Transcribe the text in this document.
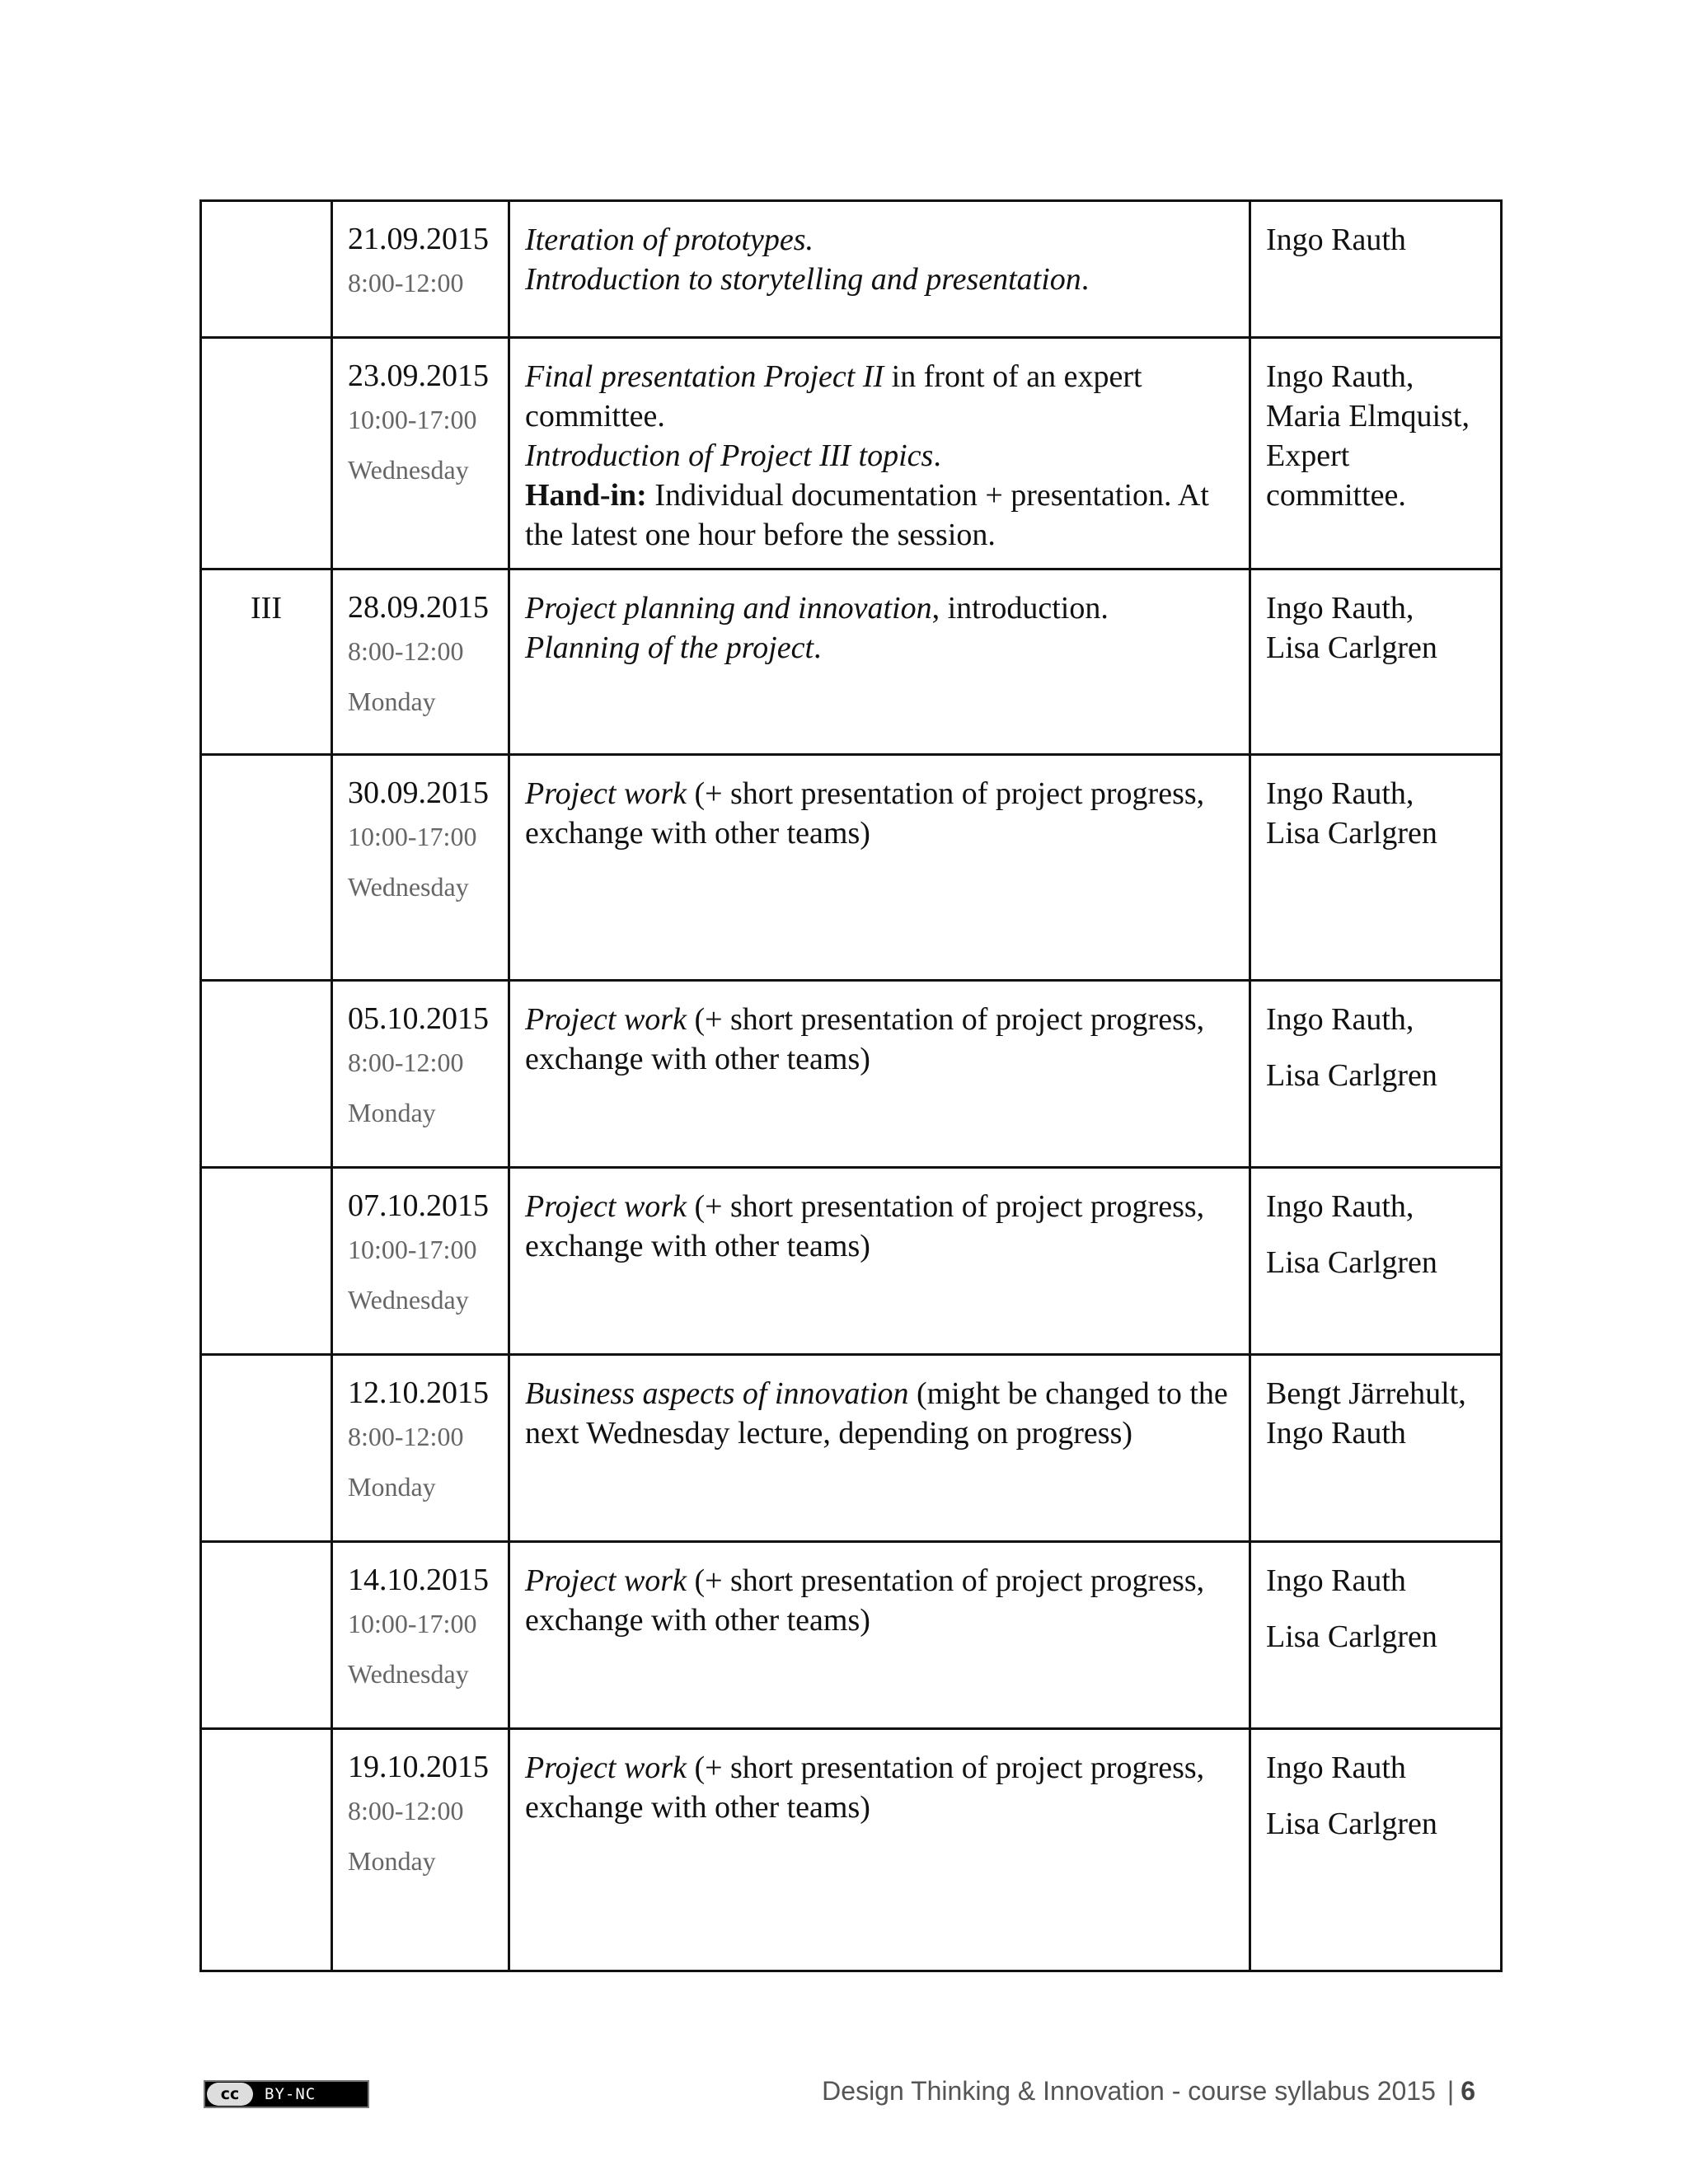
	21.09.2015
8:00-12:00	Iteration of prototypes.
Introduction to storytelling and presentation.	Ingo Rauth

	23.09.2015
10:00-17:00
Wednesday	Final presentation Project II in front of an expert committee.
Introduction of Project III topics.
Hand-in: Individual documentation + presentation. At the latest one hour before the session.	Ingo Rauth,
Maria Elmquist,
Expert committee.

III	28.09.2015
8:00-12:00
Monday	Project planning and innovation, introduction.
Planning of the project.	Ingo Rauth,
Lisa Carlgren

	30.09.2015
10:00-17:00
Wednesday	Project work (+ short presentation of project progress, exchange with other teams)	Ingo Rauth,
Lisa Carlgren

	05.10.2015
8:00-12:00
Monday	Project work (+ short presentation of project progress, exchange with other teams)	Ingo Rauth,
Lisa Carlgren

	07.10.2015
10:00-17:00
Wednesday	Project work (+ short presentation of project progress, exchange with other teams)	Ingo Rauth,
Lisa Carlgren

	12.10.2015
8:00-12:00
Monday	Business aspects of innovation (might be changed to the next Wednesday lecture, depending on progress)	Bengt Järrehult,
Ingo Rauth

	14.10.2015
10:00-17:00
Wednesday	Project work (+ short presentation of project progress, exchange with other teams)	Ingo Rauth
Lisa Carlgren

	19.10.2015
8:00-12:00
Monday	Project work (+ short presentation of project progress, exchange with other teams)	Ingo Rauth
Lisa Carlgren
cc	BY-NC	Design Thinking & Innovation - course syllabus 2015 | 6
